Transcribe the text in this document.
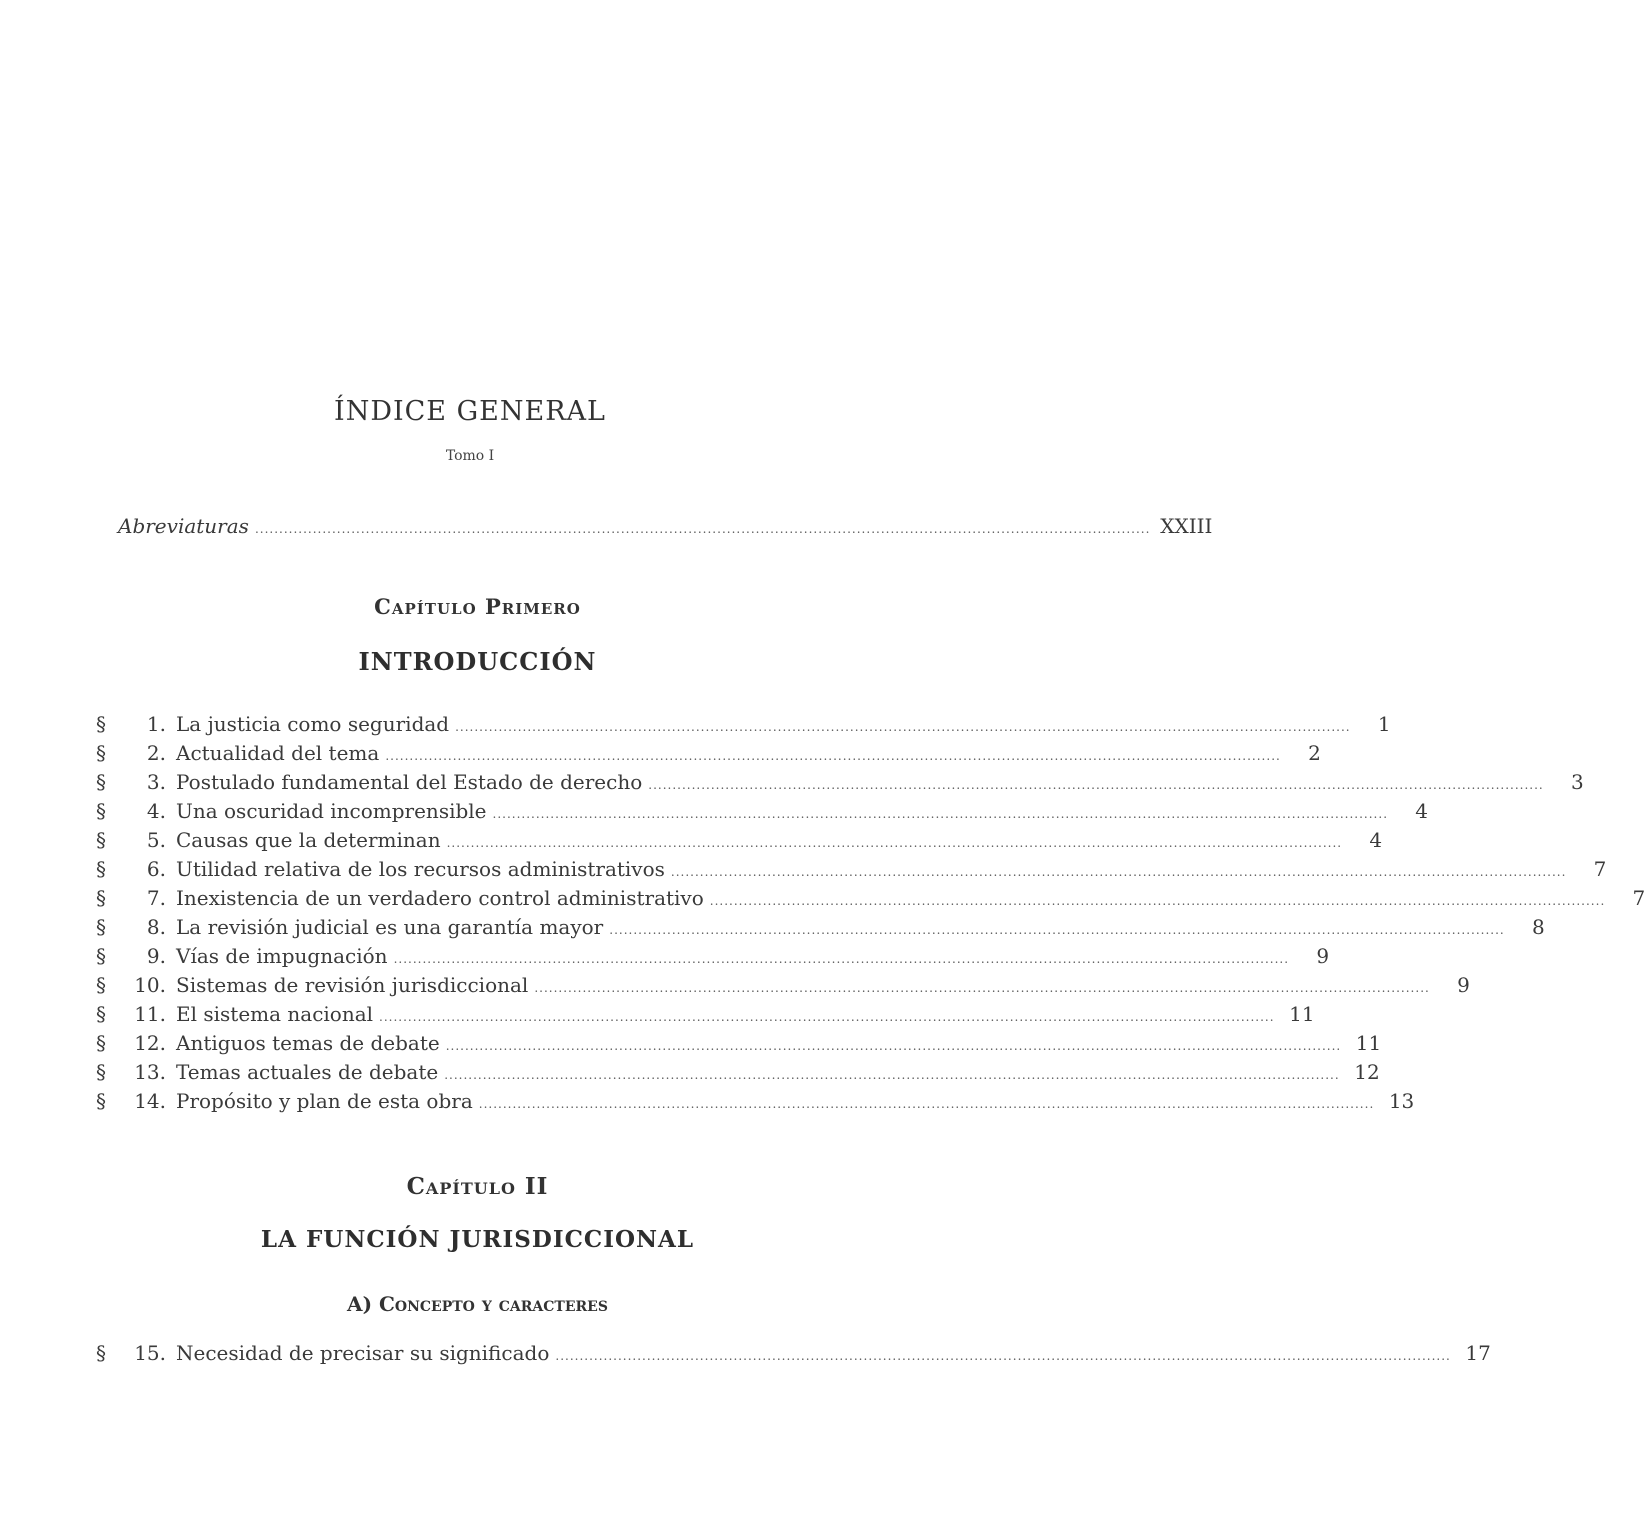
ÍNDICE GENERAL
Tomo I
Abreviaturas .......................................................................................................................................................................................... XXIII
Capítulo Primero
INTRODUCCIÓN
§	1. La justicia como seguridad ..........................................................................................................................................................................................	1
§	2. Actualidad del tema ..........................................................................................................................................................................................	2
§	3. Postulado fundamental del Estado de derecho ..........................................................................................................................................................................................	3
§	4. Una oscuridad incomprensible ..........................................................................................................................................................................................	4
§	5. Causas que la determinan ..........................................................................................................................................................................................	4
§	6. Utilidad relativa de los recursos administrativos ..........................................................................................................................................................................................	7
§	7. Inexistencia de un verdadero control administrativo ..........................................................................................................................................................................................	7
§	8. La revisión judicial es una garantía mayor ..........................................................................................................................................................................................	8
§	9. Vías de impugnación ..........................................................................................................................................................................................	9
§	10. Sistemas de revisión jurisdiccional ..........................................................................................................................................................................................	9
§	11. El sistema nacional .......................................................................................................................................................................................... 11
§	12. Antiguos temas de debate .......................................................................................................................................................................................... 11
§	13. Temas actuales de debate .......................................................................................................................................................................................... 12
§	14. Propósito y plan de esta obra .......................................................................................................................................................................................... 13
Capítulo II
LA FUNCIÓN JURISDICCIONAL
A) Concepto y caracteres
§	15. Necesidad de precisar su significado .......................................................................................................................................................................................... 17
